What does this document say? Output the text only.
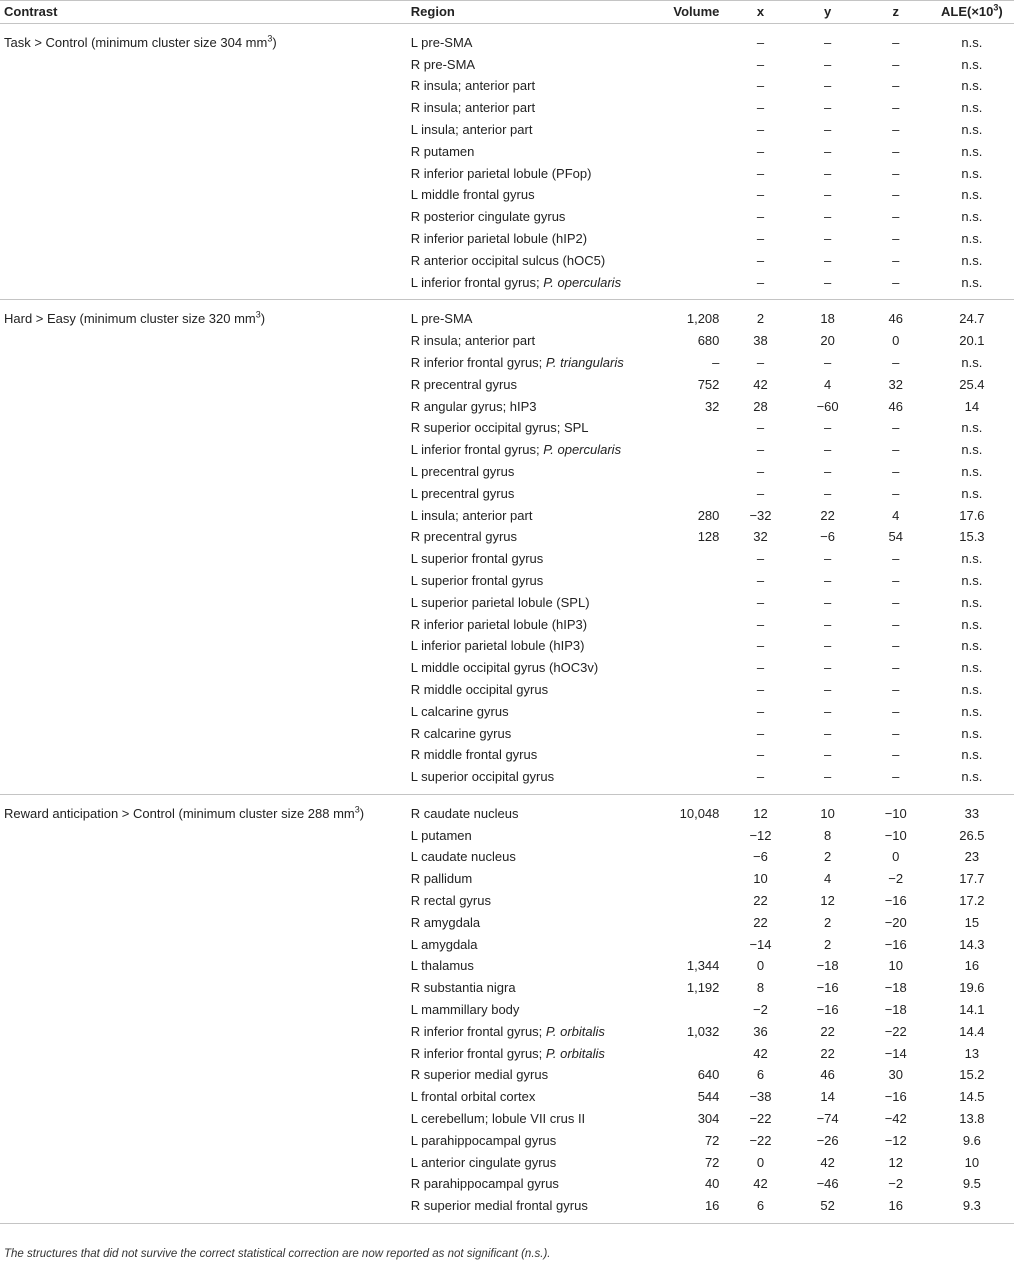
Contrast	Region	Volume	x	y	z	$ALE(\times 10^3)$
Task > Control (minimum cluster size 304 $mm^3$)	L pre-SMA		–	–	–	n.s.
	R pre-SMA		–	–	–	n.s.
	R insula; anterior part		–	–	–	n.s.
	R insula; anterior part		–	–	–	n.s.
	L insula; anterior part		–	–	–	n.s.
	R putamen		–	–	–	n.s.
	R inferior parietal lobule (PFop)		–	–	–	n.s.
	L middle frontal gyrus		–	–	–	n.s.
	R posterior cingulate gyrus		–	–	–	n.s.
	R inferior parietal lobule (hIP2)		–	–	–	n.s.
	R anterior occipital sulcus (hOC5)		–	–	–	n.s.
	L inferior frontal gyrus; P. opercularis		–	–	–	n.s.
Hard > Easy (minimum cluster size 320 $mm^3$)	L pre-SMA	1,208	2	18	46	24.7
	R insula; anterior part	680	38	20	0	20.1
	R inferior frontal gyrus; P. triangularis	–	–	–	–	n.s.
	R precentral gyrus	752	42	4	32	25.4
	R angular gyrus; hIP3	32	28	−60	46	14
	R superior occipital gyrus; SPL		–	–	–	n.s.
	L inferior frontal gyrus; P. opercularis		–	–	–	n.s.
	L precentral gyrus		–	–	–	n.s.
	L precentral gyrus		–	–	–	n.s.
	L insula; anterior part	280	−32	22	4	17.6
	R precentral gyrus	128	32	−6	54	15.3
	L superior frontal gyrus		–	–	–	n.s.
	L superior frontal gyrus		–	–	–	n.s.
	L superior parietal lobule (SPL)		–	–	–	n.s.
	R inferior parietal lobule (hIP3)		–	–	–	n.s.
	L inferior parietal lobule (hIP3)		–	–	–	n.s.
	L middle occipital gyrus (hOC3v)		–	–	–	n.s.
	R middle occipital gyrus		–	–	–	n.s.
	L calcarine gyrus		–	–	–	n.s.
	R calcarine gyrus		–	–	–	n.s.
	R middle frontal gyrus		–	–	–	n.s.
	L superior occipital gyrus		–	–	–	n.s.
Reward anticipation > Control (minimum cluster size 288 $mm^3$)	R caudate nucleus	10,048	12	10	−10	33
	L putamen		−12	8	−10	26.5
	L caudate nucleus		−6	2	0	23
	R pallidum		10	4	−2	17.7
	R rectal gyrus		22	12	−16	17.2
	R amygdala		22	2	−20	15
	L amygdala		−14	2	−16	14.3
	L thalamus	1,344	0	−18	10	16
	R substantia nigra	1,192	8	−16	−18	19.6
	L mammillary body		−2	−16	−18	14.1
	R inferior frontal gyrus; P. orbitalis	1,032	36	22	−22	14.4
	R inferior frontal gyrus; P. orbitalis		42	22	−14	13
	R superior medial gyrus	640	6	46	30	15.2
	L frontal orbital cortex	544	−38	14	−16	14.5
	L cerebellum; lobule VII crus II	304	−22	−74	−42	13.8
	L parahippocampal gyrus	72	−22	−26	−12	9.6
	L anterior cingulate gyrus	72	0	42	12	10
	R parahippocampal gyrus	40	42	−46	−2	9.5
	R superior medial frontal gyrus	16	6	52	16	9.3
The structures that did not survive the correct statistical correction are now reported as not significant (n.s.).
